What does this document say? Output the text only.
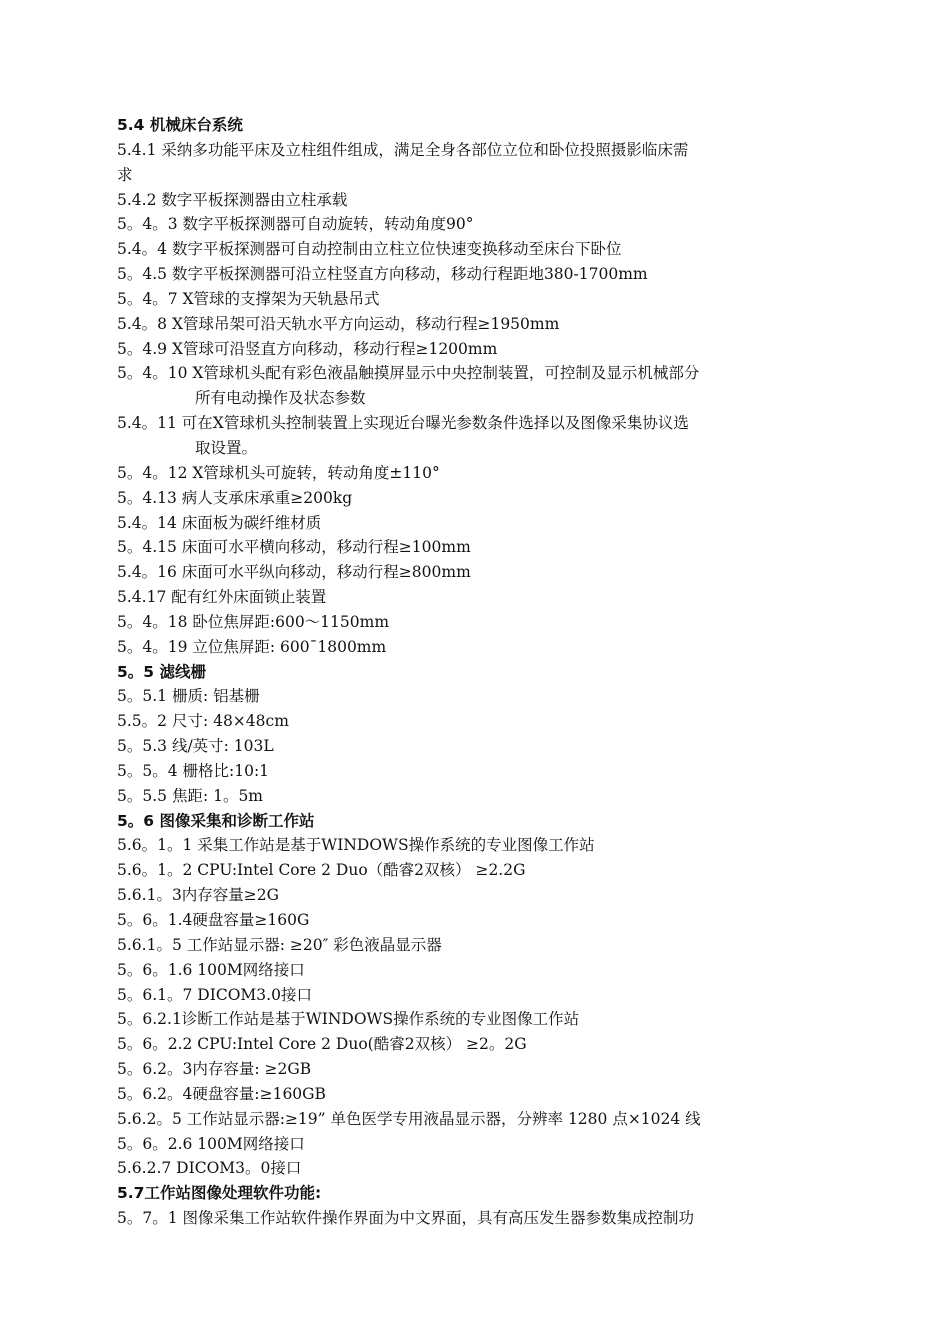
5.4 机械床台系统
5.4.1 采纳多功能平床及立柱组件组成，满足全身各部位立位和卧位投照摄影临床需
求
5.4.2 数字平板探测器由立柱承载
5。4。3 数字平板探测器可自动旋转，转动角度90°
5.4。4 数字平板探测器可自动控制由立柱立位快速变换移动至床台下卧位
5。4.5 数字平板探测器可沿立柱竖直方向移动，移动行程距地380-1700mm
5。4。7 X管球的支撑架为天轨悬吊式
5.4。8 X管球吊架可沿天轨水平方向运动，移动行程≥1950mm
5。4.9 X管球可沿竖直方向移动，移动行程≥1200mm
5。4。10 X管球机头配有彩色液晶触摸屏显示中央控制装置，可控制及显示机械部分
所有电动操作及状态参数
5.4。11 可在X管球机头控制装置上实现近台曝光参数条件选择以及图像采集协议选
取设置。
5。4。12 X管球机头可旋转，转动角度±110°
5。4.13 病人支承床承重≥200kg
5.4。14 床面板为碳纤维材质
5。4.15 床面可水平横向移动，移动行程≥100mm
5.4。16 床面可水平纵向移动，移动行程≥800mm
5.4.17 配有红外床面锁止装置
5。4。18 卧位焦屏距:600～1150mm
5。4。19 立位焦屏距: 600¯1800mm
5。5 滤线栅
5。5.1 栅质: 铝基栅
5.5。2 尺寸: 48×48cm
5。5.3 线/英寸: 103L
5。5。4 栅格比:10:1
5。5.5 焦距: 1。5m
5。6 图像采集和诊断工作站
5.6。1。1 采集工作站是基于WINDOWS操作系统的专业图像工作站
5.6。1。2 CPU:Intel Core 2 Duo（酷睿2双核） ≥2.2G
5.6.1。3内存容量≥2G
5。6。1.4硬盘容量≥160G
5.6.1。5 工作站显示器: ≥20″ 彩色液晶显示器
5。6。1.6 100M网络接口
5。6.1。7 DICOM3.0接口
5。6.2.1诊断工作站是基于WINDOWS操作系统的专业图像工作站
5。6。2.2 CPU:Intel Core 2 Duo(酷睿2双核） ≥2。2G
5。6.2。3内存容量: ≥2GB
5。6.2。4硬盘容量:≥160GB
5.6.2。5 工作站显示器:≥19” 单色医学专用液晶显示器，分辨率 1280 点×1024 线
5。6。2.6 100M网络接口
5.6.2.7 DICOM3。0接口
5.7工作站图像处理软件功能:
5。7。1 图像采集工作站软件操作界面为中文界面，具有高压发生器参数集成控制功
